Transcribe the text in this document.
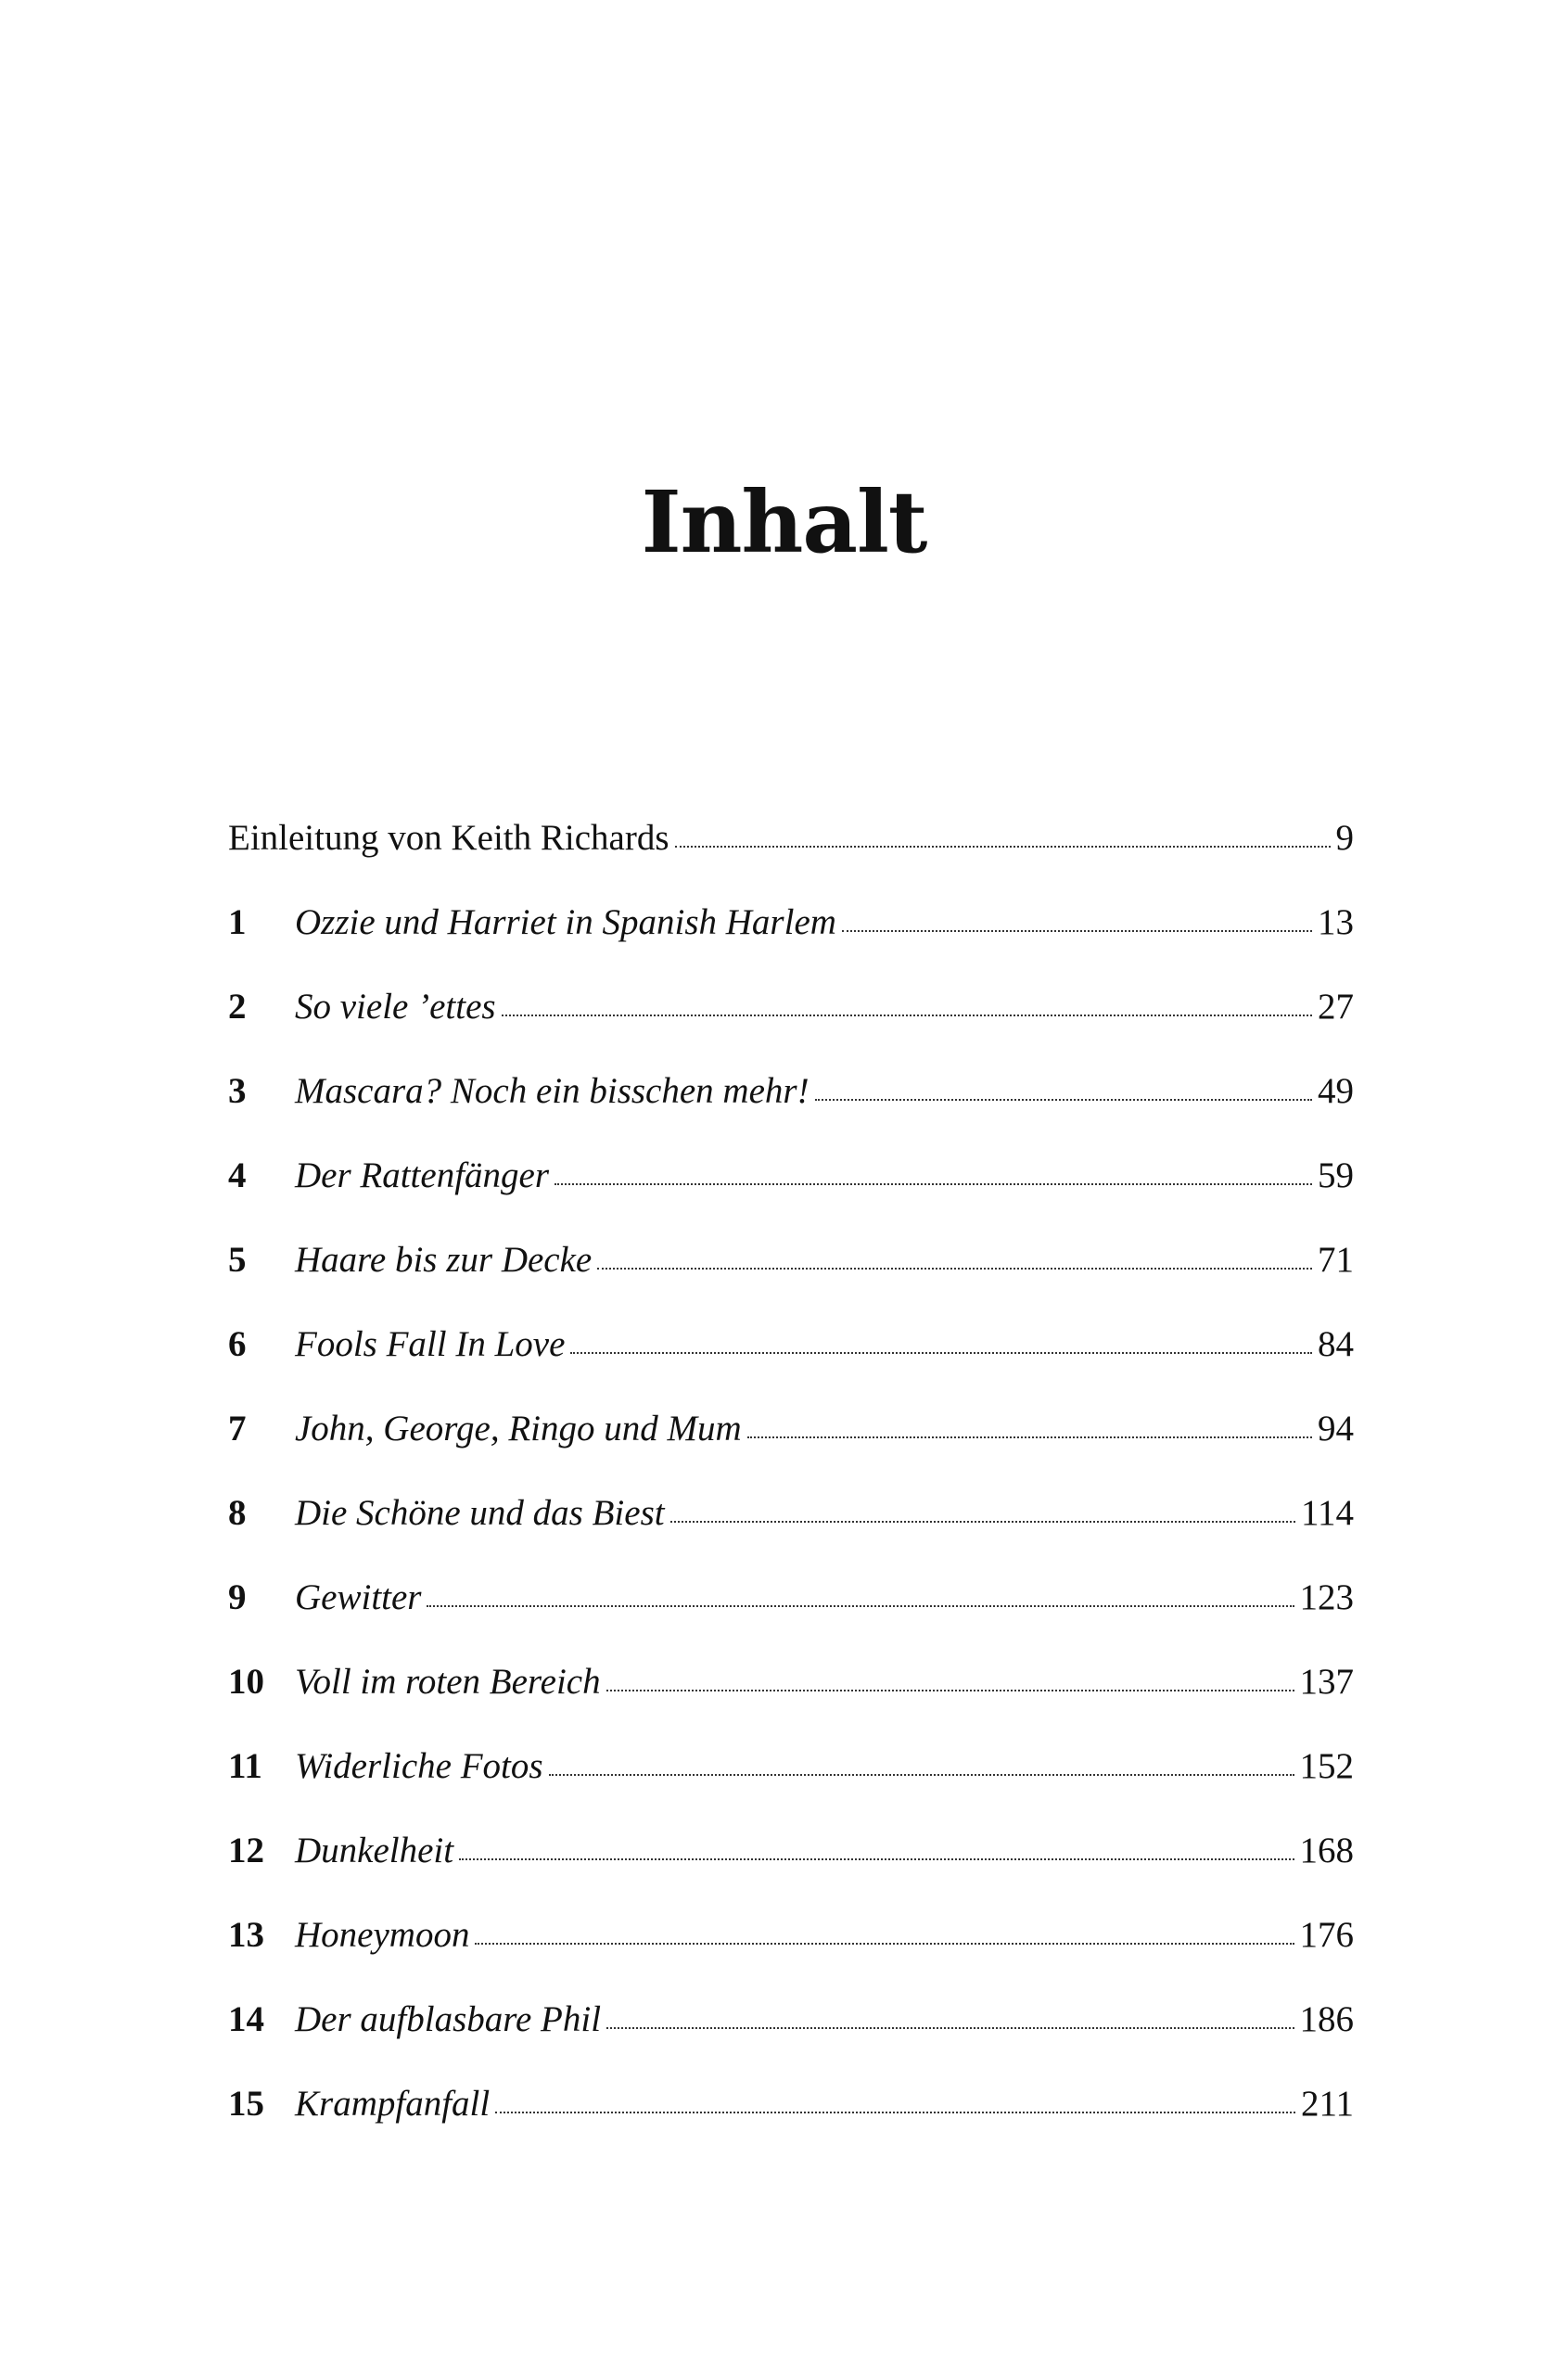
Inhalt
Einleitung von Keith Richards	9
1	Ozzie und Harriet in Spanish Harlem	13
2	So viele ’ettes	27
3	Mascara? Noch ein bisschen mehr!	49
4	Der Rattenfänger	59
5	Haare bis zur Decke	71
6	Fools Fall In Love	84
7	John, George, Ringo und Mum	94
8	Die Schöne und das Biest	114
9	Gewitter	123
10 Voll im roten Bereich	137
11 Widerliche Fotos	152
12 Dunkelheit	168
13 Honeymoon	176
14 Der aufblasbare Phil	186
15 Krampfanfall	211
